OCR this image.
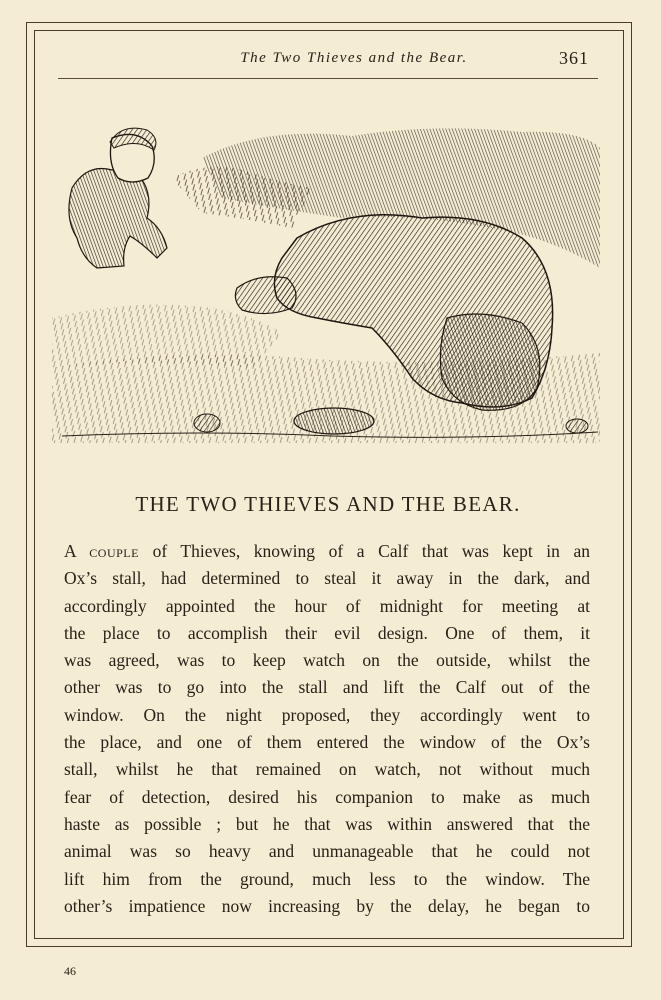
The Two Thieves and the Bear.	361
THE TWO THIEVES AND THE BEAR.
A couple of Thieves, knowing of a Calf that was kept in an
Ox’s stall, had determined to steal it away in the dark, and
accordingly appointed the hour of midnight for meeting at
the place to accomplish their evil design. One of them, it
was agreed, was to keep watch on the outside, whilst the
other was to go into the stall and lift the Calf out of the
window. On the night proposed, they accordingly went to
the place, and one of them entered the window of the Ox’s
stall, whilst he that remained on watch, not without much
fear of detection, desired his companion to make as much
haste as possible ; but he that was within answered that the
animal was so heavy and unmanageable that he could not
lift him from the ground, much less to the window. The
other’s impatience now increasing by the delay, he began to
46
